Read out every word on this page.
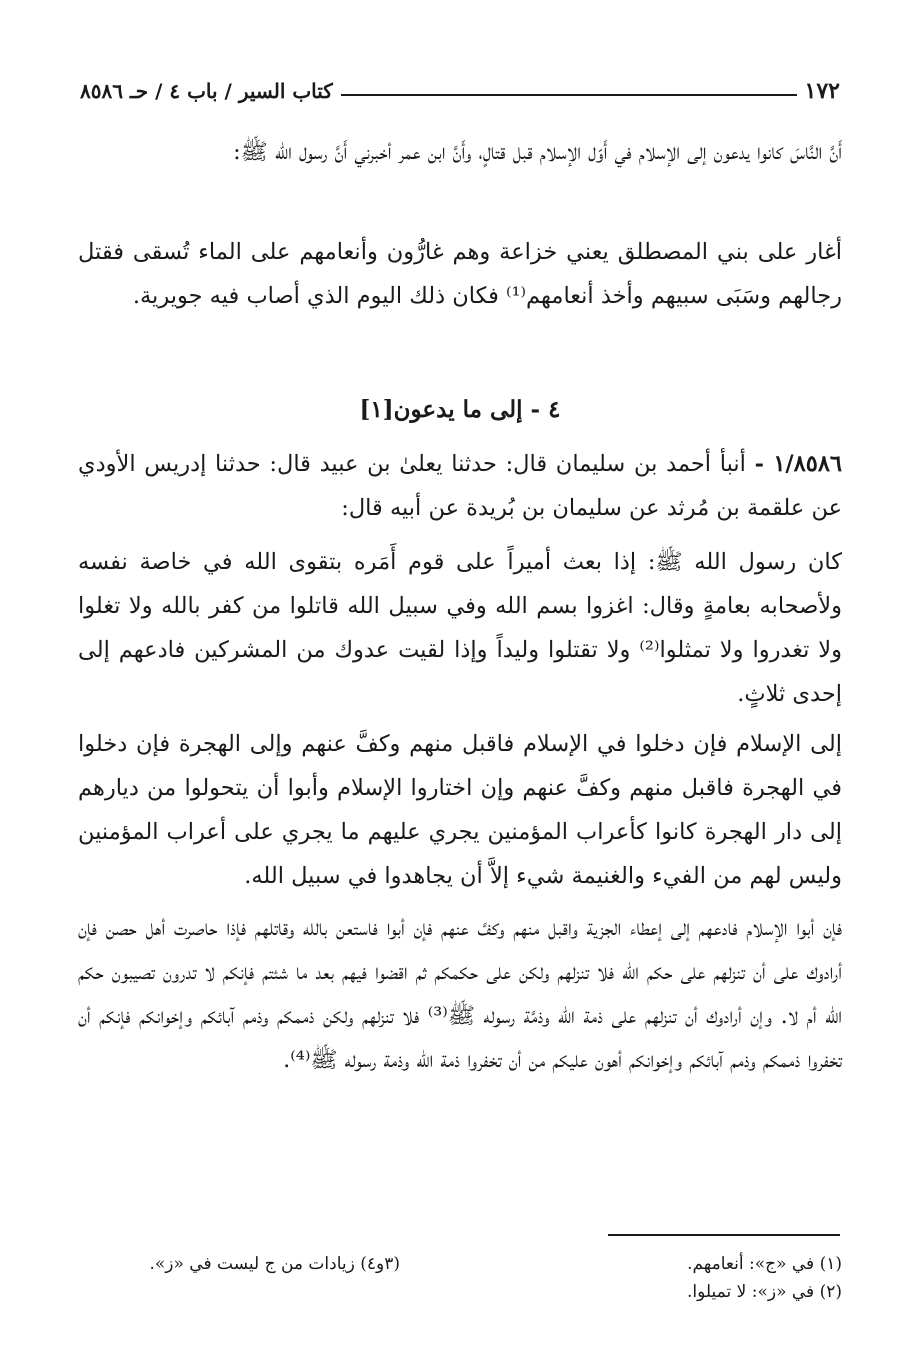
١٧٢
كتاب السير / باب ٤ / حـ ٨٥٨٦

أَنَّ النَّاسَ كانوا يدعون إلى الإسلام في أَوّل الإسلام قبل قتالٍ، وأَنَّ ابن عمر أخبرني أَنَّ رسول الله ﷺ:

أغار على بني المصطلق يعني خزاعة وهم غارُّون وأنعامهم على الماء تُسقى فقتل رجالهم وسَبَى سبيهم وأخذ أنعامهم⁽¹⁾ فكان ذلك اليوم الذي أصاب فيه جويرية.

٤ - إلى ما يدعون[١]

١/٨٥٨٦ - أنبأ أحمد بن سليمان قال: حدثنا يعلىٰ بن عبيد قال: حدثنا إدريس الأودي عن علقمة بن مُرثد عن سليمان بن بُريدة عن أبيه قال:

كان رسول الله ﷺ: إذا بعث أميراً على قوم أَمَره بتقوى الله في خاصة نفسه ولأصحابه بعامةٍ وقال: اغزوا بسم الله وفي سبيل الله قاتلوا من كفر بالله ولا تغلوا ولا تغدروا ولا تمثلوا⁽²⁾ ولا تقتلوا وليداً وإذا لقيت عدوك من المشركين فادعهم إلى إحدى ثلاثٍ.

إلى الإسلام فإن دخلوا في الإسلام فاقبل منهم وكفَّ عنهم وإلى الهجرة فإن دخلوا في الهجرة فاقبل منهم وكفَّ عنهم وإن اختاروا الإسلام وأبوا أن يتحولوا من ديارهم إلى دار الهجرة كانوا كأعراب المؤمنين يجري عليهم ما يجري على أعراب المؤمنين وليس لهم من الفيء والغنيمة شيء إلاَّ أن يجاهدوا في سبيل الله.

فإن أبوا الإسلام فادعهم إلى إعطاء الجزية واقبل منهم وكفَّ عنهم فإن أبوا فاستعن بالله وقاتلهم فإذا حاصرت أهل حصن فإن أرادوك على أن تنزلهم على حكم الله فلا تنزلهم ولكن على حكمكم ثم اقضوا فيهم بعد ما شئتم فإنكم لا تدرون تصيبون حكم الله أم لا. وإن أرادوك أن تنزلهم على ذمة الله وذمَّة رسوله ﷺ⁽³⁾ فلا تنزلهم ولكن ذممكم وذمم آبائكم وإخوانكم فإنكم أن تخفروا ذممكم وذمم آبائكم وإخوانكم أهون عليكم من أن تخفروا ذمة الله وذمة رسوله ﷺ⁽⁴⁾.

(١) في «ج»: أنعامهم.
(٢) في «ز»: لا تميلوا.
(٣و٤) زيادات من ج ليست في «ز».
